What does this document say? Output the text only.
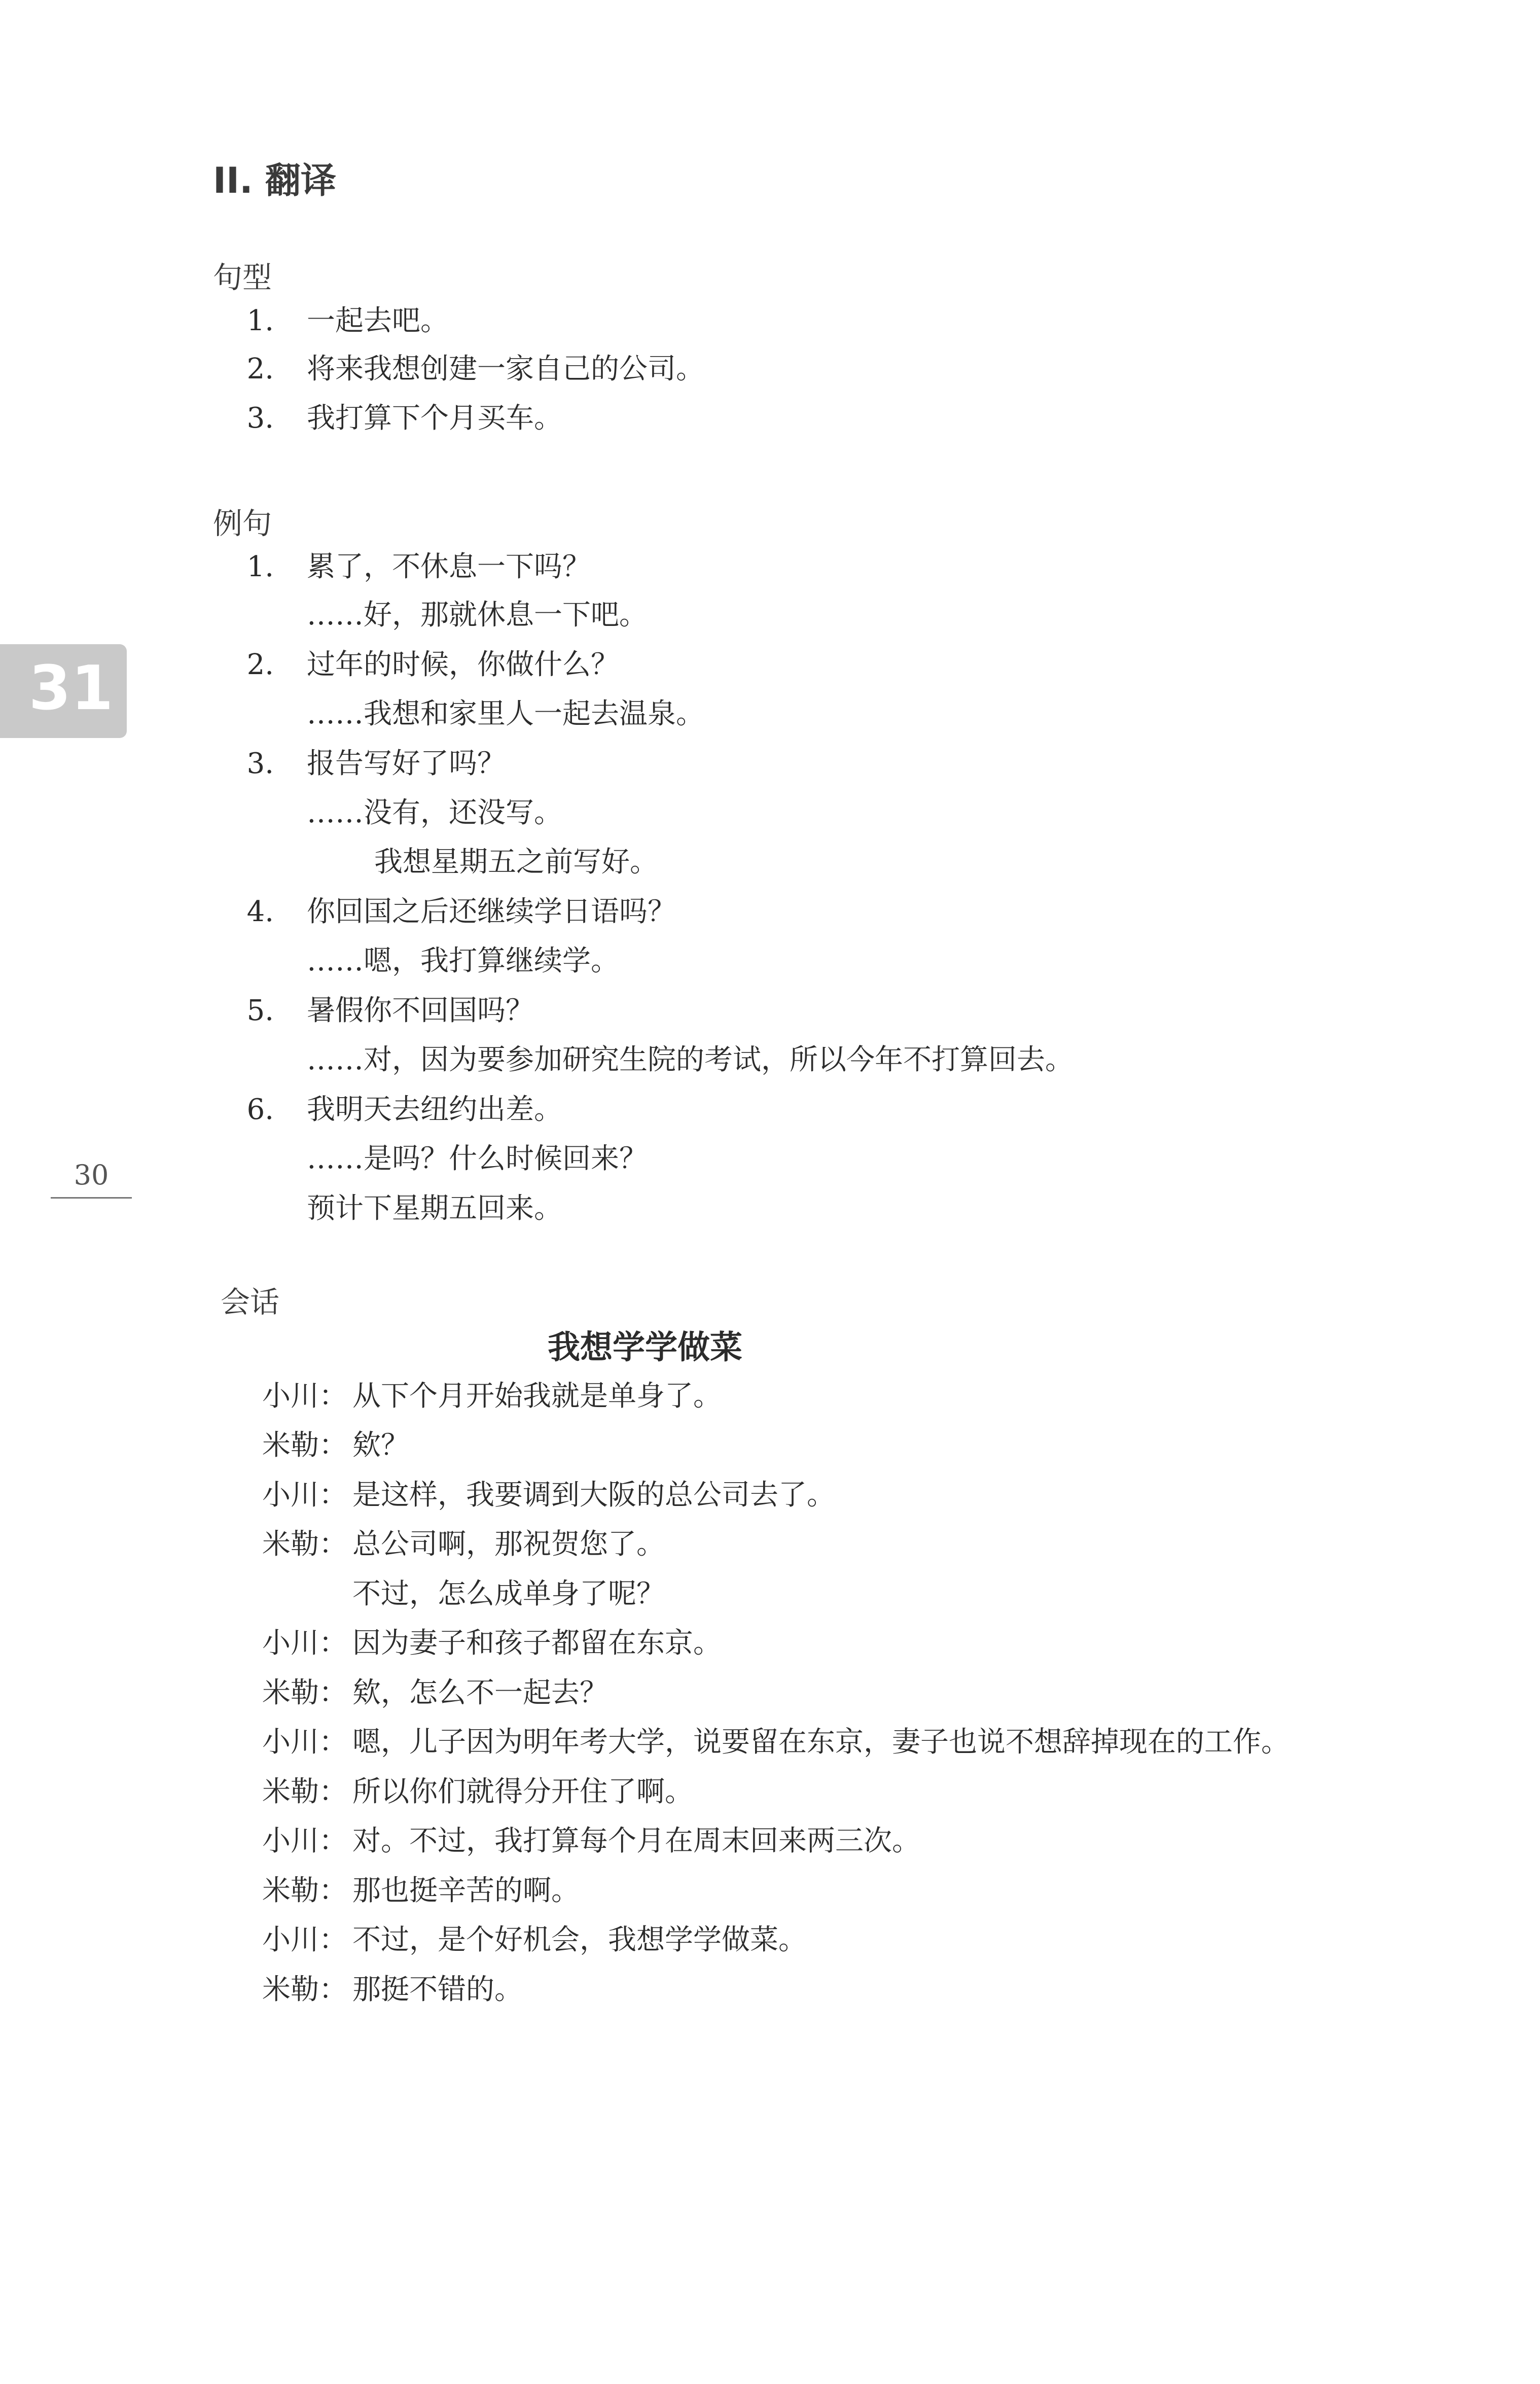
II. 翻译
31
30
句型
1. 一起去吧。
2. 将来我想创建一家自己的公司。
3. 我打算下个月买车。
例句
1. 累了，不休息一下吗？
……好，那就休息一下吧。
2. 过年的时候，你做什么？
……我想和家里人一起去温泉。
3. 报告写好了吗？
……没有，还没写。
我想星期五之前写好。
4. 你回国之后还继续学日语吗？
……嗯，我打算继续学。
5. 暑假你不回国吗？
……对，因为要参加研究生院的考试，所以今年不打算回去。
6. 我明天去纽约出差。
……是吗？什么时候回来？
预计下星期五回来。
会话
我想学学做菜
小川： 从下个月开始我就是单身了。
米勒： 欸？
小川： 是这样，我要调到大阪的总公司去了。
米勒： 总公司啊，那祝贺您了。
不过，怎么成单身了呢？
小川： 因为妻子和孩子都留在东京。
米勒： 欸，怎么不一起去？
小川： 嗯，儿子因为明年考大学，说要留在东京，妻子也说不想辞掉现在的工作。
米勒： 所以你们就得分开住了啊。
小川： 对。不过，我打算每个月在周末回来两三次。
米勒： 那也挺辛苦的啊。
小川： 不过，是个好机会，我想学学做菜。
米勒： 那挺不错的。
